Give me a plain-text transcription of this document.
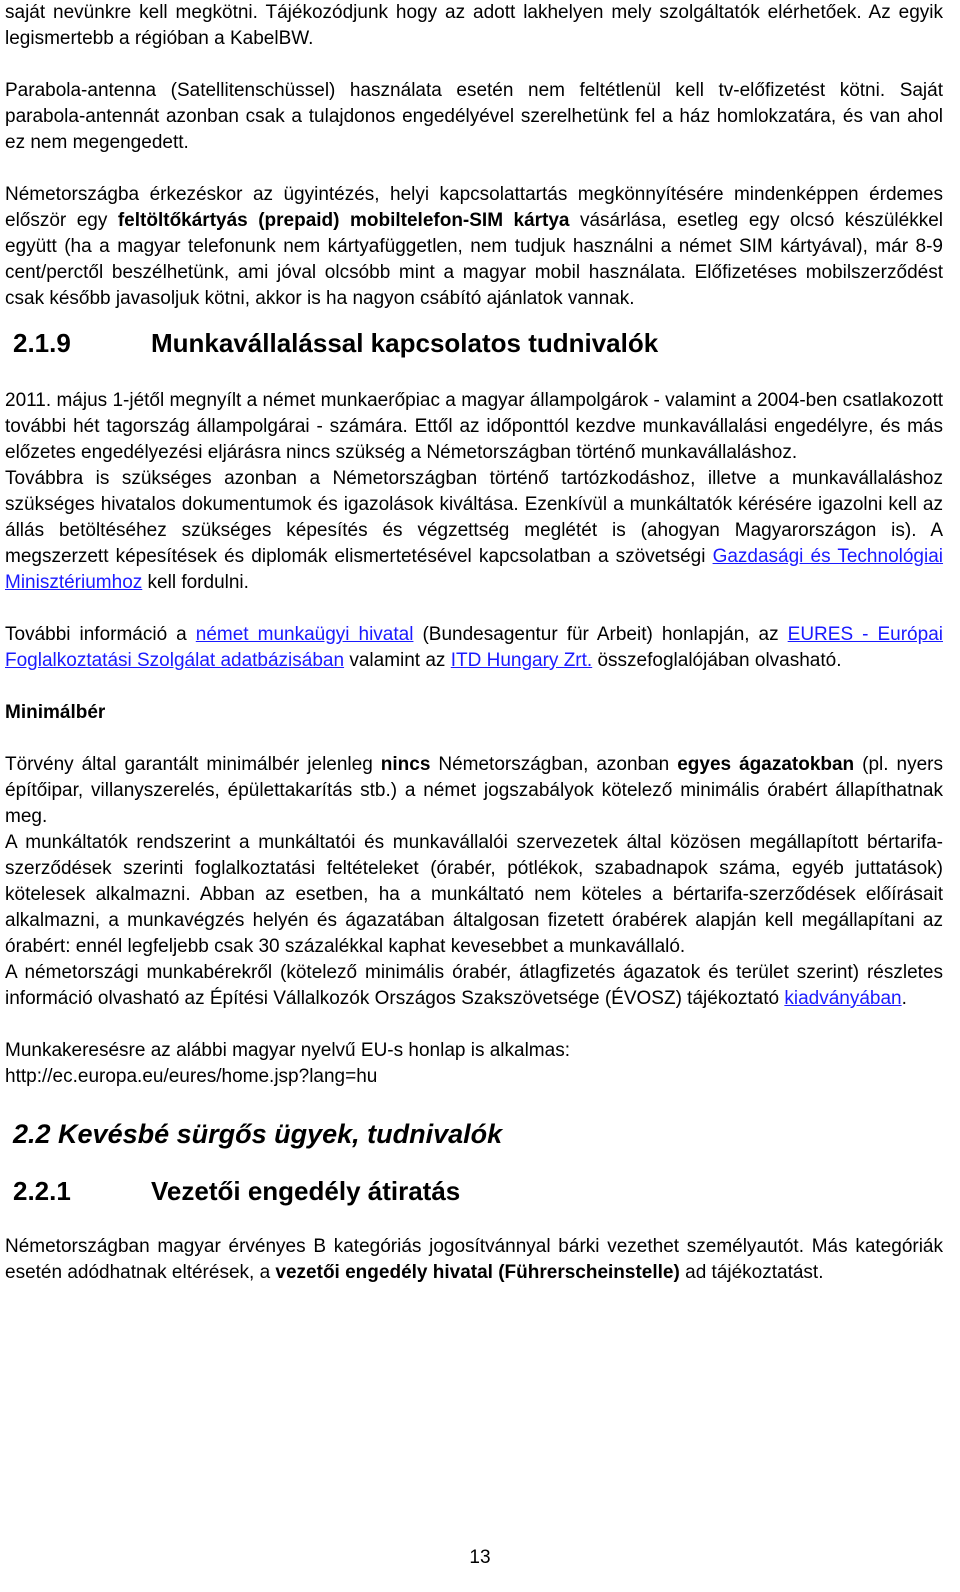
saját nevünkre kell megkötni. Tájékozódjunk hogy az adott lakhelyen mely szolgáltatók elérhetőek. Az egyik legismertebb a régióban a KabelBW.

Parabola-antenna (Satellitenschüssel) használata esetén nem feltétlenül kell tv-előfizetést kötni. Saját parabola-antennát azonban csak a tulajdonos engedélyével szerelhetünk fel a ház homlokzatára, és van ahol ez nem megengedett.

Németországba érkezéskor az ügyintézés, helyi kapcsolattartás megkönnyítésére mindenképpen érdemes először egy feltöltőkártyás (prepaid) mobiltelefon-SIM kártya vásárlása, esetleg egy olcsó készülékkel együtt (ha a magyar telefonunk nem kártyafüggetlen, nem tudjuk használni a német SIM kártyával), már 8-9 cent/perctől beszélhetünk, ami jóval olcsóbb mint a magyar mobil használata. Előfizetéses mobilszerződést csak később javasoljuk kötni, akkor is ha nagyon csábító ajánlatok vannak.

2.1.9	Munkavállalással kapcsolatos tudnivalók

2011. május 1-jétől megnyílt a német munkaerőpiac a magyar állampolgárok - valamint a 2004-ben csatlakozott további hét tagország állampolgárai - számára. Ettől az időponttól kezdve munkavállalási engedélyre, és más előzetes engedélyezési eljárásra nincs szükség a Németországban történő munkavállaláshoz.

Továbbra is szükséges azonban a Németországban történő tartózkodáshoz, illetve a munkavállaláshoz szükséges hivatalos dokumentumok és igazolások kiváltása. Ezenkívül a munkáltatók kérésére igazolni kell az állás betöltéséhez szükséges képesítés és végzettség meglétét is (ahogyan Magyarországon is). A megszerzett képesítések és diplomák elismertetésével kapcsolatban a szövetségi Gazdasági és Technológiai Minisztériumhoz kell fordulni.

További információ a német munkaügyi hivatal (Bundesagentur für Arbeit) honlapján, az EURES - Európai Foglalkoztatási Szolgálat adatbázisában valamint az ITD Hungary Zrt. összefoglalójában olvasható.

Minimálbér

Törvény által garantált minimálbér jelenleg nincs Németországban, azonban egyes ágazatokban (pl. nyers építőipar, villanyszerelés, épülettakarítás stb.) a német jogszabályok kötelező minimális órabért állapíthatnak meg.

A munkáltatók rendszerint a munkáltatói és munkavállalói szervezetek által közösen megállapított bértarifa-szerződések szerinti foglalkoztatási feltételeket (órabér, pótlékok, szabadnapok száma, egyéb juttatások) kötelesek alkalmazni. Abban az esetben, ha a munkáltató nem köteles a bértarifa-szerződések előírásait alkalmazni, a munkavégzés helyén és ágazatában általgosan fizetett órabérek alapján kell megállapítani az órabért: ennél legfeljebb csak 30 százalékkal kaphat kevesebbet a munkavállaló.

A németországi munkabérekről (kötelező minimális órabér, átlagfizetés ágazatok és terület szerint) részletes információ olvasható az Építési Vállalkozók Országos Szakszövetsége (ÉVOSZ) tájékoztató kiadványában.

Munkakeresésre az alábbi magyar nyelvű EU-s honlap is alkalmas:
http://ec.europa.eu/eures/home.jsp?lang=hu

2.2 Kevésbé sürgős ügyek, tudnivalók
2.2.1	Vezetői engedély átiratás

Németországban magyar érvényes B kategóriás jogosítvánnyal bárki vezethet személyautót. Más kategóriák esetén adódhatnak eltérések, a vezetői engedély hivatal (Führerscheinstelle) ad tájékoztatást.

13
